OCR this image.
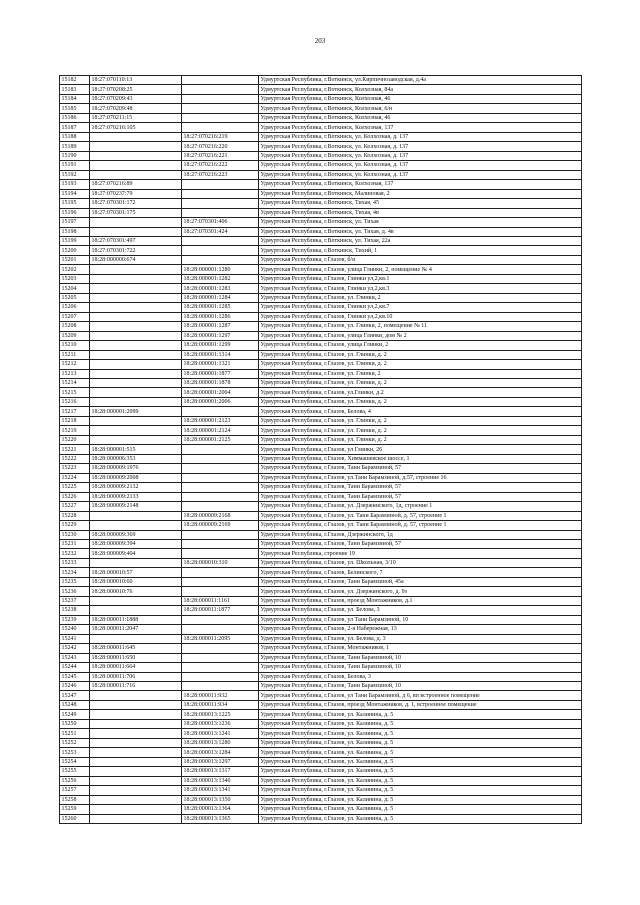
203
15182	18:27:070110:13		Удмуртская Республика, г.Воткинск, ул.Кирпичнозаводская, д.4а
15183	18:27:070208:25		Удмуртская Республика, г.Воткинск, Колхозная, 84а
15184	18:27:070209:43		Удмуртская Республика, г.Воткинск, Колхозная, 46
15185	18:27:070209:48		Удмуртская Республика, г.Воткинск, Колхозная, 6/н
15186	18:27:070211:15		Удмуртская Республика, г.Воткинск, Колхозная, 46
15187	18:27:070216:105		Удмуртская Республика, г.Воткинск, Колхозная, 137
15188		18:27:070216:219	Удмуртская Республика, г.Воткинск, ул. Колхозная, д. 137
15189		18:27:070216:220	Удмуртская Республика, г.Воткинск, ул. Колхозная, д. 137
15190		18:27:070216:221	Удмуртская Республика, г.Воткинск, ул. Колхозная, д. 137
15191		18:27:070216:222	Удмуртская Республика, г.Воткинск, ул. Колхозная, д. 137
15192		18:27:070216:223	Удмуртская Республика, г.Воткинск, ул. Колхозная, д. 137
15193	18:27:070216:89		Удмуртская Республика, г.Воткинск, Колхозная, 137
15194	18:27:070237:79		Удмуртская Республика, г.Воткинск, Малиновая, 2
15195	18:27:070301:172		Удмуртская Республика, г.Воткинск, Тихая, 45
15196	18:27:070301:175		Удмуртская Республика, г.Воткинск, Тихая, 4в
15197		18:27:070301:406	Удмуртская Республика, г.Воткинск, ул. Тихая
15198		18:27:070301:424	Удмуртская Республика, г.Воткинск, ул. Тихая, д. 4в
15199	18:27:070301:497		Удмуртская Республика, г.Воткинск, ул. Тихая, 22а
15200	18:27:070301:722		Удмуртская Республика, г.Воткинск, Тихий, 1
15201	18:28:000000:674		Удмуртская Республика, г.Глазов, б/н
15202		18:28:000001:1280	Удмуртская Республика, г.Глазов, улица Глинки, 2, помещение № 4
15203		18:28:000001:1282	Удмуртская Республика, г.Глазов, Глинки ул,2,кв.1
15204		18:28:000001:1283	Удмуртская Республика, г.Глазов, Глинки ул,2,кв.3
15205		18:28:000001:1284	Удмуртская Республика, г.Глазов, ул. Глинки, 2
15206		18:28:000001:1285	Удмуртская Республика, г.Глазов, Глинки ул,2,кв.7
15207		18:28:000001:1286	Удмуртская Республика, г.Глазов, Глинки ул,2,кв.10
15208		18:28:000001:1287	Удмуртская Республика, г.Глазов, ул. Глинки, 2, помещение № 11
15209		18:28:000001:1297	Удмуртская Республика, г.Глазов, улица Глинки, дом № 2
15210		18:28:000001:1299	Удмуртская Республика, г.Глазов, улица Глинки, 2
15211		18:28:000001:1314	Удмуртская Республика, г.Глазов, ул. Глинки, д. 2
15212		18:28:000001:1321	Удмуртская Республика, г.Глазов, ул. Глинки, д. 2
15213		18:28:000001:1877	Удмуртская Республика, г.Глазов, ул. Глинки, 2
15214		18:28:000001:1878	Удмуртская Республика, г.Глазов, ул. Глинки, д. 2
15215		18:28:000001:2004	Удмуртская Республика, г.Глазов, ул.Глинки, д.2
15216		18:28:000001:2006	Удмуртская Республика, г.Глазов, ул. Глинки, д. 2
15217	18:28:000001:2099		Удмуртская Республика, г.Глазов, Белова, 4
15218		18:28:000001:2123	Удмуртская Республика, г.Глазов, ул. Глинки, д. 2
15219		18:28:000001:2124	Удмуртская Республика, г.Глазов, ул. Глинки, д. 2
15220		18:28:000001:2125	Удмуртская Республика, г.Глазов, ул. Глинки, д. 2
15221	18:28:000001:515		Удмуртская Республика, г.Глазов, ул Глинки, 26
15222	18:28:000006:353		Удмуртская Республика, г.Глазов, Химмашевское шоссе, 1
15223	18:28:000009:1976		Удмуртская Республика, г.Глазов, Тани Барамзиной, 57
15224	18:28:000009:2008		Удмуртская Республика, г.Глазов, ул.Тани Барамзиной, д.57, строение 16
15225	18:28:000009:2132		Удмуртская Республика, г.Глазов, Тани Барамзиной, 57
15226	18:28:000009:2133		Удмуртская Республика, г.Глазов, Тани Барамзиной, 57
15227	18:28:000009:2148		Удмуртская Республика, г.Глазов, ул. Дзержинского, 1д, строение 1
15228		18:28:000009:2168	Удмуртская Республика, г.Глазов, ул. Тани Барамзиной, д. 57, строение 1
15229		18:28:000009:2169	Удмуртская Республика, г.Глазов, ул. Тани Барамзиной, д. 57, строение 1
15230	18:28:000009:369		Удмуртская Республика, г.Глазов, Дзержинского, 1д
15231	18:28:000009:394		Удмуртская Республика, г.Глазов, Тани Барамзиной, 57
15232	18:28:000009:404		Удмуртская Республика, строение 19
15233		18:28:000010:310	Удмуртская Республика, г.Глазов, ул. Школьная, 3/10
15234	18:28:000010:57		Удмуртская Республика, г.Глазов, Белинского, 7
15235	18:28:000010:60		Удмуртская Республика, г.Глазов, Тани Барамзиной, 45а
15236	18:28:000010:76		Удмуртская Республика, г.Глазов, ул. Дзержинского, д. 9з
15237		18:28:000011:1161	Удмуртская Республика, г.Глазов, проезд Монтажников, д.1
15238		18:28:000011:1877	Удмуртская Республика, г.Глазов, ул. Белова, 3
15239	18:28:000011:1888		Удмуртская Республика, г.Глазов, ул Тани Барамзиной, 10
15240	18:28:000011:2047		Удмуртская Республика, г.Глазов, 2-я Набережная, 13
15241		18:28:000011:2095	Удмуртская Республика, г.Глазов, ул. Белова, д. 3
15242	18:28:000011:645		Удмуртская Республика, г.Глазов, Монтажников, 1
15243	18:28:000011:650		Удмуртская Республика, г.Глазов, Тани Барамзиной, 10
15244	18:28:000011:664		Удмуртская Республика, г.Глазов, Тани Барамзиной, 10
15245	18:28:000011:706		Удмуртская Республика, г.Глазов, Белова, 3
15246	18:28:000011:716		Удмуртская Республика, г.Глазов, Тани Барамзиной, 10
15247		18:28:000011:932	Удмуртская Республика, г.Глазов, ул Тани Барамзиной, д 6, вп встроенное помещение
15248		18:28:000011:934	Удмуртская Республика, г.Глазов, проезд Монтажников, д. 1, встроенное помещение
15249		18:28:000013:1225	Удмуртская Республика, г.Глазов, ул. Калинина, д. 5
15250		18:28:000013:1236	Удмуртская Республика, г.Глазов, ул. Калинина, д. 5
15251		18:28:000013:1241	Удмуртская Республика, г.Глазов, ул. Калинина, д. 5
15252		18:28:000013:1280	Удмуртская Республика, г.Глазов, ул. Калинина, д. 5
15253		18:28:000013:1284	Удмуртская Республика, г.Глазов, ул. Калинина, д. 5
15254		18:28:000013:1297	Удмуртская Республика, г.Глазов, ул. Калинина, д. 5
15255		18:28:000013:1317	Удмуртская Республика, г.Глазов, ул. Калинина, д. 5
15256		18:28:000013:1340	Удмуртская Республика, г.Глазов, ул. Калинина, д. 5
15257		18:28:000013:1341	Удмуртская Республика, г.Глазов, ул. Калинина, д. 5
15258		18:28:000013:1350	Удмуртская Республика, г.Глазов, ул. Калинина, д. 5
15259		18:28:000013:1364	Удмуртская Республика, г.Глазов, ул. Калинина, д. 5
15260		18:28:000013:1365	Удмуртская Республика, г.Глазов, ул. Калинина, д. 5
